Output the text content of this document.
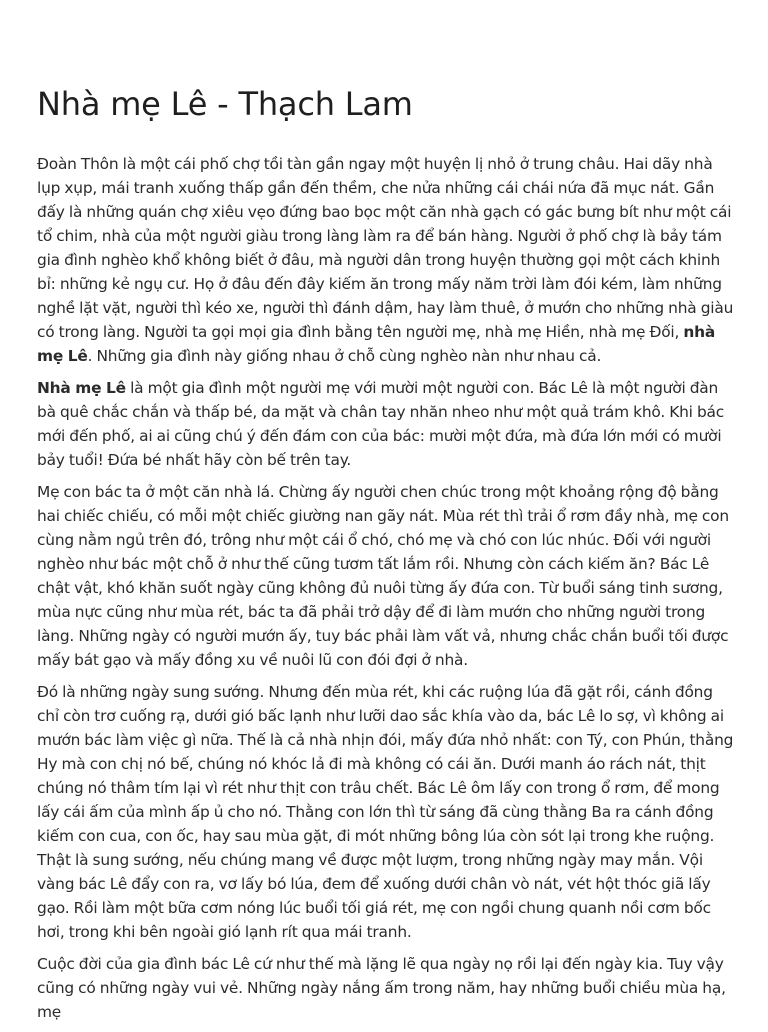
Nhà mẹ Lê - Thạch Lam

Đoàn Thôn là một cái phố chợ tồi tàn gần ngay một huyện lị nhỏ ở trung châu. Hai dãy nhà lụp xụp, mái tranh xuống thấp gần đến thềm, che nửa những cái chái nứa đã mục nát. Gần đấy là những quán chợ xiêu vẹo đứng bao bọc một căn nhà gạch có gác bưng bít như một cái tổ chim, nhà của một người giàu trong làng làm ra để bán hàng. Người ở phố chợ là bảy tám gia đình nghèo khổ không biết ở đâu, mà người dân trong huyện thường gọi một cách khinh bỉ: những kẻ ngụ cư. Họ ở đâu đến đây kiếm ăn trong mấy năm trời làm đói kém, làm những nghề lặt vặt, người thì kéo xe, người thì đánh dậm, hay làm thuê, ở mướn cho những nhà giàu có trong làng. Người ta gọi mọi gia đình bằng tên người mẹ, nhà mẹ Hiền, nhà mẹ Đối, nhà mẹ Lê. Những gia đình này giống nhau ở chỗ cùng nghèo nàn như nhau cả.

Nhà mẹ Lê là một gia đình một người mẹ với mười một người con. Bác Lê là một người đàn bà quê chắc chắn và thấp bé, da mặt và chân tay nhăn nheo như một quả trám khô. Khi bác mới đến phố, ai ai cũng chú ý đến đám con của bác: mười một đứa, mà đứa lớn mới có mười bảy tuổi! Đứa bé nhất hãy còn bế trên tay.

Mẹ con bác ta ở một căn nhà lá. Chừng ấy người chen chúc trong một khoảng rộng độ bằng hai chiếc chiếu, có mỗi một chiếc giường nan gãy nát. Mùa rét thì trải ổ rơm đầy nhà, mẹ con cùng nằm ngủ trên đó, trông như một cái ổ chó, chó mẹ và chó con lúc nhúc. Đối với người nghèo như bác một chỗ ở như thế cũng tươm tất lắm rồi. Nhưng còn cách kiếm ăn? Bác Lê chật vật, khó khăn suốt ngày cũng không đủ nuôi từng ấy đứa con. Từ buổi sáng tinh sương, mùa nực cũng như mùa rét, bác ta đã phải trở dậy để đi làm mướn cho những người trong làng. Những ngày có người mướn ấy, tuy bác phải làm vất vả, nhưng chắc chắn buổi tối được mấy bát gạo và mấy đồng xu về nuôi lũ con đói đợi ở nhà.

Đó là những ngày sung sướng. Nhưng đến mùa rét, khi các ruộng lúa đã gặt rồi, cánh đồng chỉ còn trơ cuống rạ, dưới gió bấc lạnh như lưỡi dao sắc khía vào da, bác Lê lo sợ, vì không ai mướn bác làm việc gì nữa. Thế là cả nhà nhịn đói, mấy đứa nhỏ nhất: con Tý, con Phún, thằng Hy mà con chị nó bế, chúng nó khóc lả đi mà không có cái ăn. Dưới manh áo rách nát, thịt chúng nó thâm tím lại vì rét như thịt con trâu chết. Bác Lê ôm lấy con trong ổ rơm, để mong lấy cái ấm của mình ấp ủ cho nó. Thằng con lớn thì từ sáng đã cùng thằng Ba ra cánh đồng kiếm con cua, con ốc, hay sau mùa gặt, đi mót những bông lúa còn sót lại trong khe ruộng. Thật là sung sướng, nếu chúng mang về được một lượm, trong những ngày may mắn. Vội vàng bác Lê đẩy con ra, vơ lấy bó lúa, đem để xuống dưới chân vò nát, vét hột thóc giã lấy gạo. Rồi làm một bữa cơm nóng lúc buổi tối giá rét, mẹ con ngồi chung quanh nồi cơm bốc hơi, trong khi bên ngoài gió lạnh rít qua mái tranh.

Cuộc đời của gia đình bác Lê cứ như thế mà lặng lẽ qua ngày nọ rồi lại đến ngày kia. Tuy vậy cũng có những ngày vui vẻ. Những ngày nắng ấm trong năm, hay những buổi chiều mùa hạ, mẹ
